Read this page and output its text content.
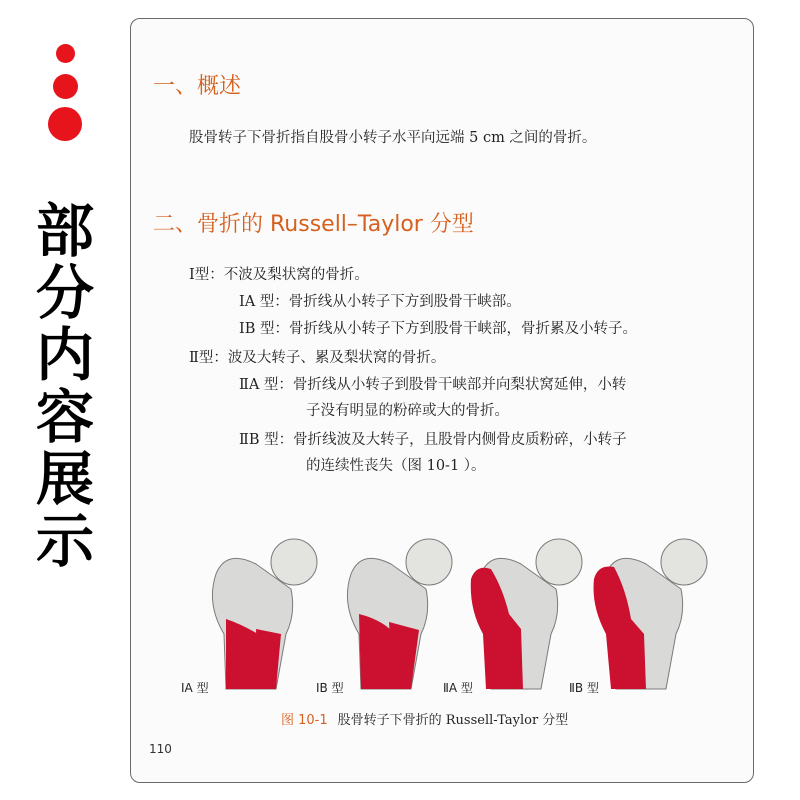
部
分
内
容
展
示
一、概述
股骨转子下骨折指自股骨小转子水平向远端 5 cm 之间的骨折。
二、骨折的 Russell–Taylor 分型
Ⅰ型：不波及梨状窝的骨折。
ⅠA 型：骨折线从小转子下方到股骨干峡部。
ⅠB 型：骨折线从小转子下方到股骨干峡部，骨折累及小转子。
Ⅱ型：波及大转子、累及梨状窝的骨折。
ⅡA 型：骨折线从小转子到股骨干峡部并向梨状窝延伸，小转
子没有明显的粉碎或大的骨折。
ⅡB 型：骨折线波及大转子，且股骨内侧骨皮质粉碎，小转子
的连续性丧失（图 10-1 ）。
ⅠA 型	ⅠB 型	ⅡA 型	ⅡB 型
图 10-1 股骨转子下骨折的 Russell-Taylor 分型
110
